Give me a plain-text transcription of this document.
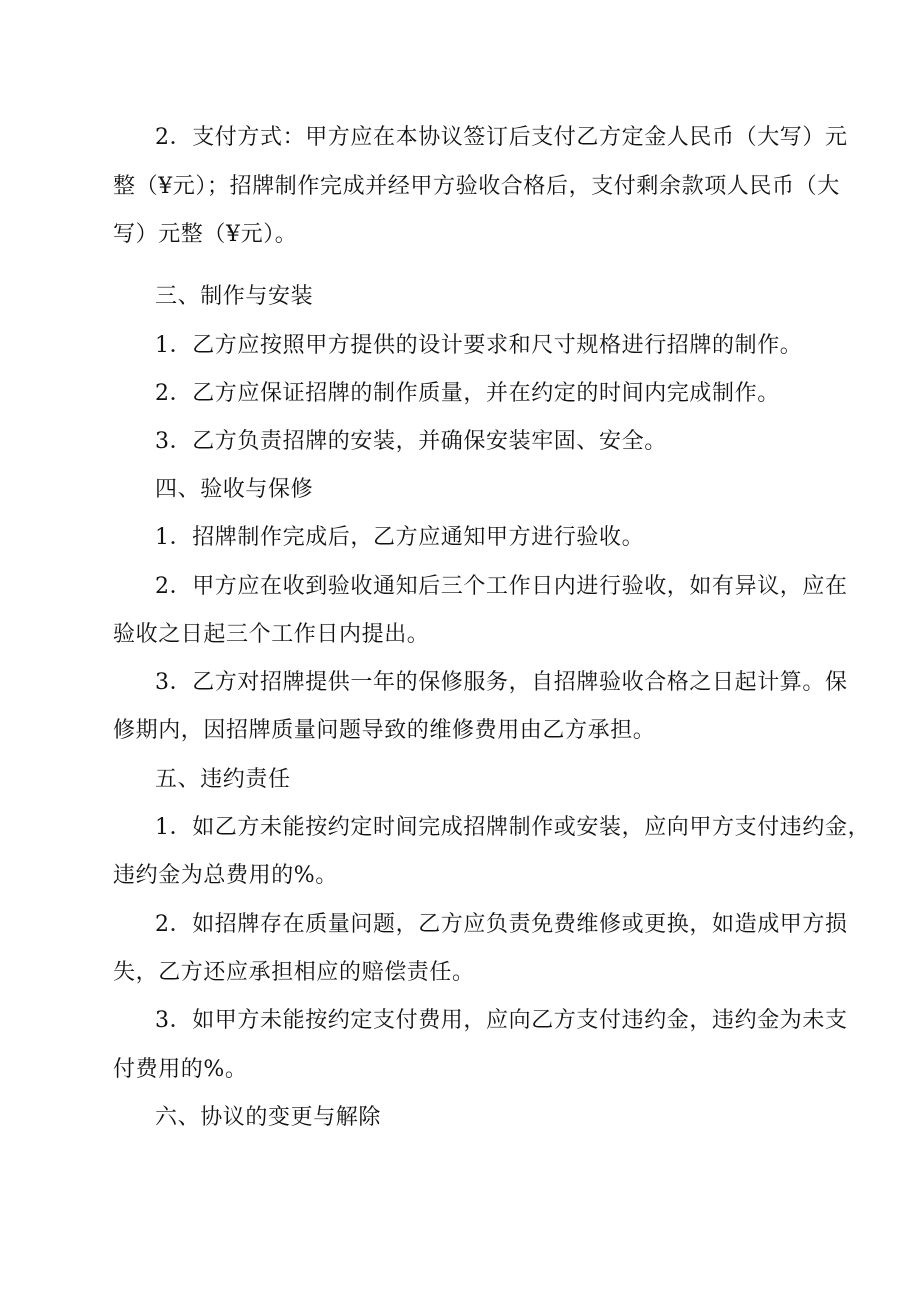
2．支付方式：甲方应在本协议签订后支付乙方定金人民币（大写）元
整（¥元）；招牌制作完成并经甲方验收合格后，支付剩余款项人民币（大
写）元整（¥元）。
三、制作与安装
1．乙方应按照甲方提供的设计要求和尺寸规格进行招牌的制作。
2．乙方应保证招牌的制作质量，并在约定的时间内完成制作。
3．乙方负责招牌的安装，并确保安装牢固、安全。
四、验收与保修
1．招牌制作完成后，乙方应通知甲方进行验收。
2．甲方应在收到验收通知后三个工作日内进行验收，如有异议，应在
验收之日起三个工作日内提出。
3．乙方对招牌提供一年的保修服务，自招牌验收合格之日起计算。保
修期内，因招牌质量问题导致的维修费用由乙方承担。
五、违约责任
1．如乙方未能按约定时间完成招牌制作或安装，应向甲方支付违约金，
违约金为总费用的%。
2．如招牌存在质量问题，乙方应负责免费维修或更换，如造成甲方损
失，乙方还应承担相应的赔偿责任。
3．如甲方未能按约定支付费用，应向乙方支付违约金，违约金为未支
付费用的%。
六、协议的变更与解除
